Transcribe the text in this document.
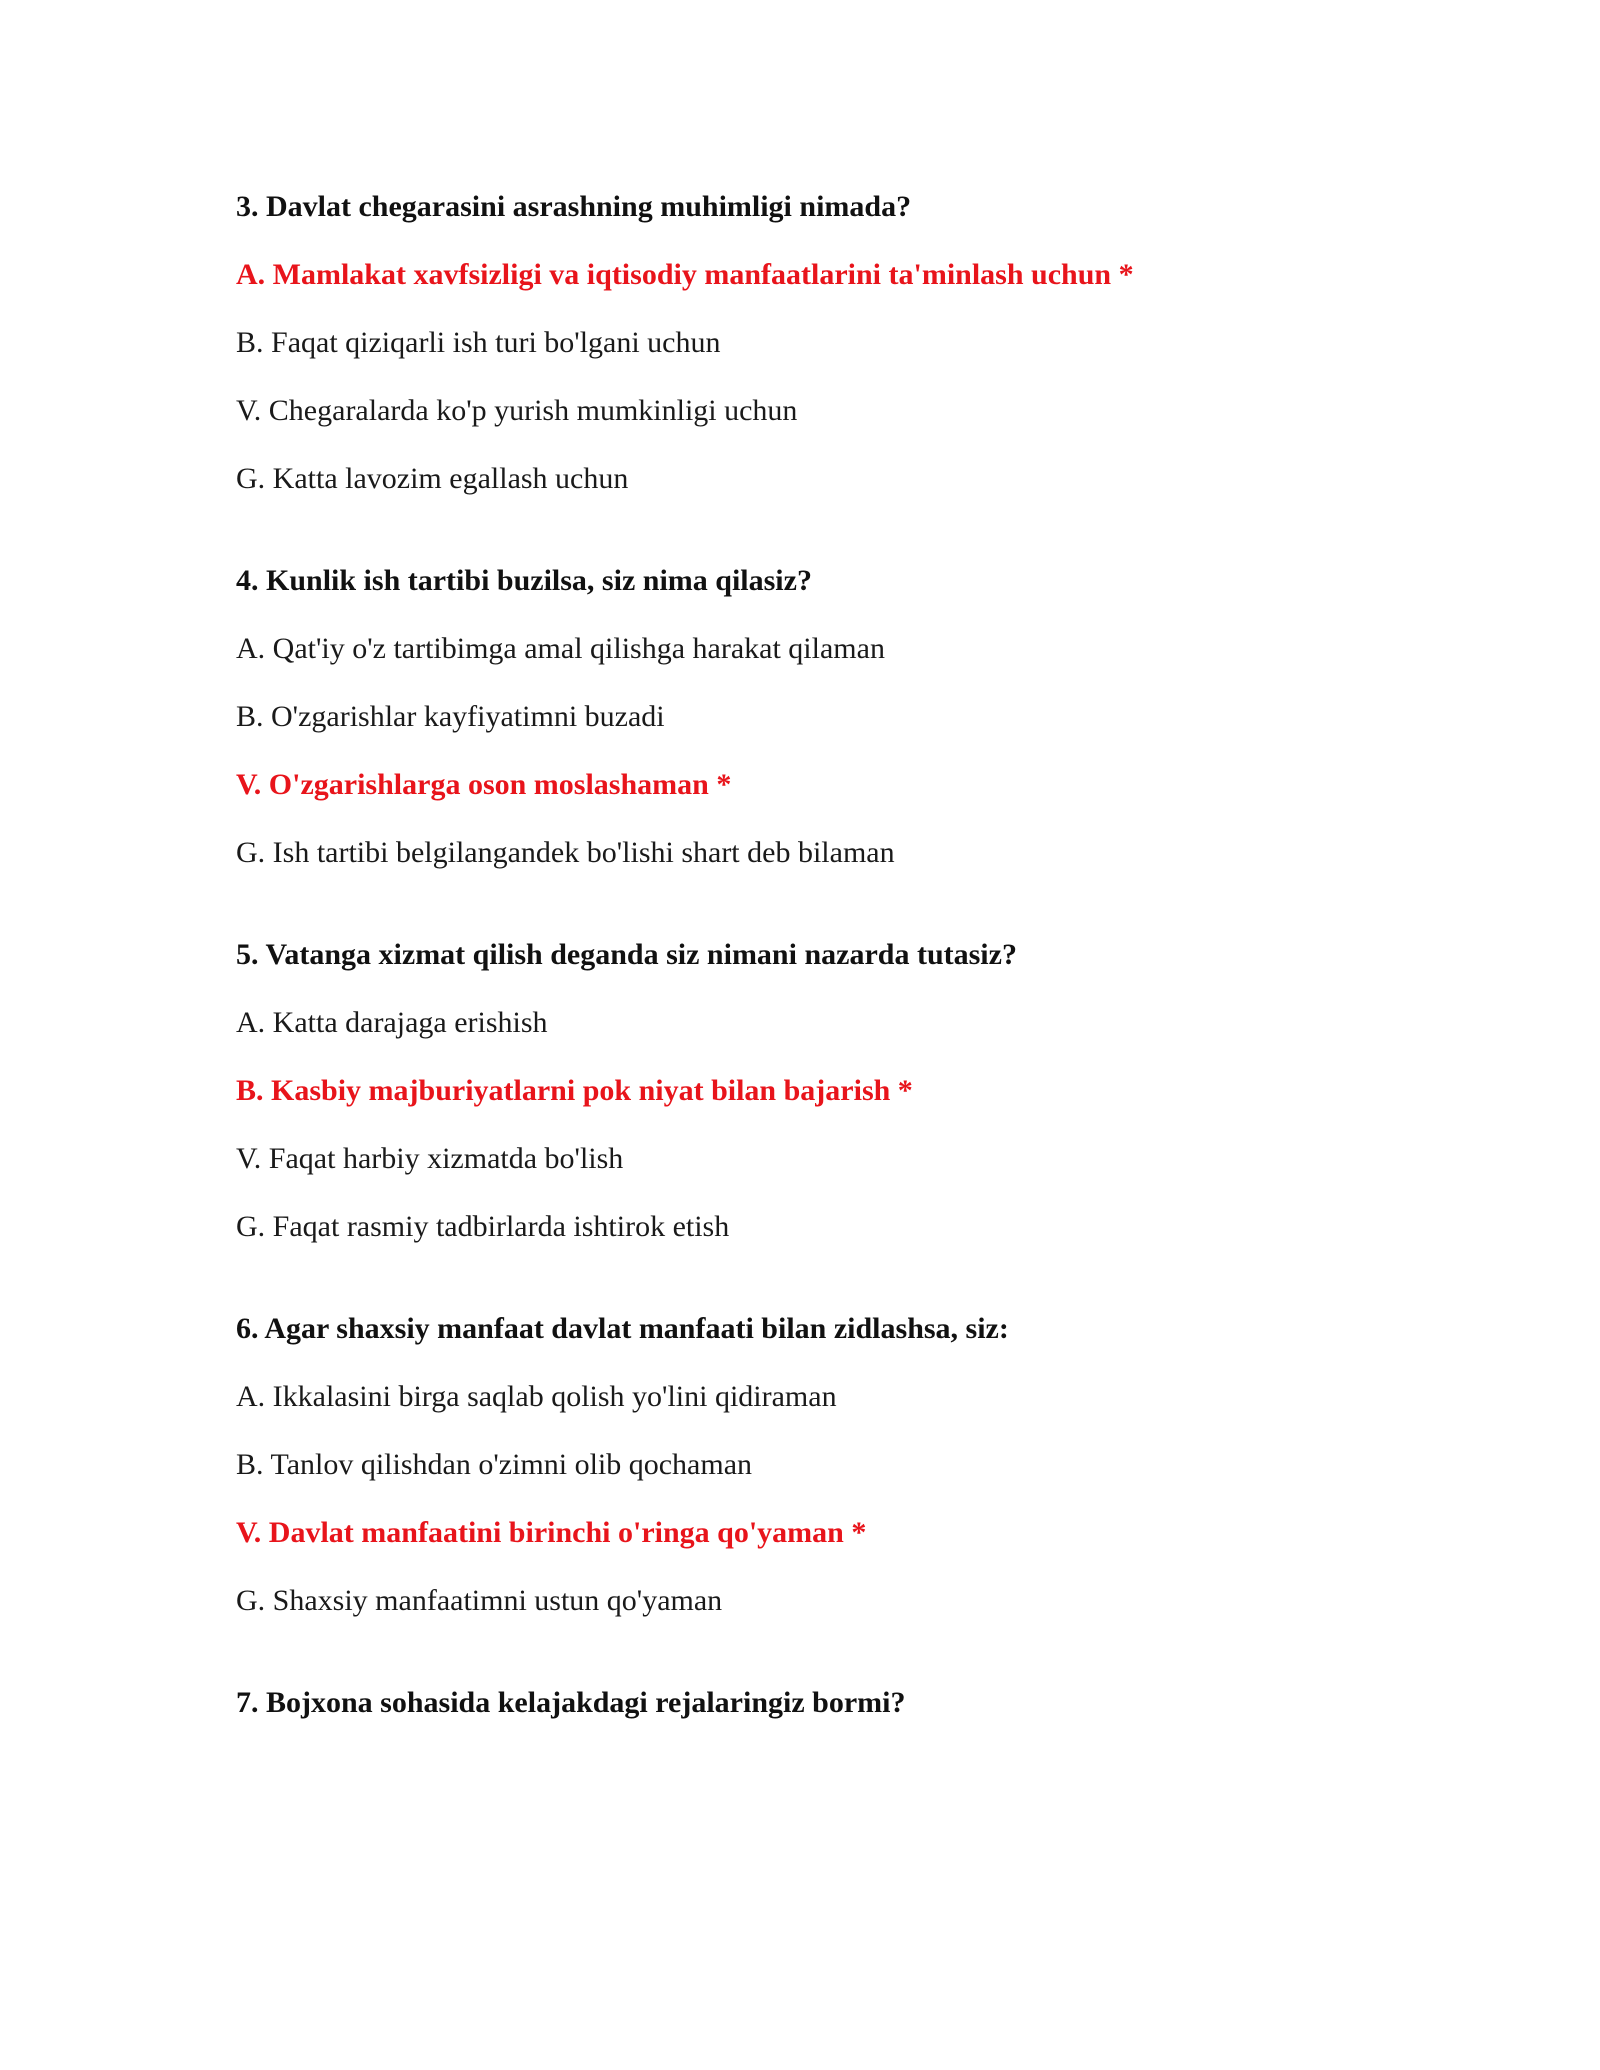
3. Davlat chegarasini asrashning muhimligi nimada?
A. Mamlakat xavfsizligi va iqtisodiy manfaatlarini ta'minlash uchun *
B. Faqat qiziqarli ish turi bo'lgani uchun
V. Chegaralarda ko'p yurish mumkinligi uchun
G. Katta lavozim egallash uchun
4. Kunlik ish tartibi buzilsa, siz nima qilasiz?
A. Qat'iy o'z tartibimga amal qilishga harakat qilaman
B. O'zgarishlar kayfiyatimni buzadi
V. O'zgarishlarga oson moslashaman *
G. Ish tartibi belgilangandek bo'lishi shart deb bilaman
5. Vatanga xizmat qilish deganda siz nimani nazarda tutasiz?
A. Katta darajaga erishish
B. Kasbiy majburiyatlarni pok niyat bilan bajarish *
V. Faqat harbiy xizmatda bo'lish
G. Faqat rasmiy tadbirlarda ishtirok etish
6. Agar shaxsiy manfaat davlat manfaati bilan zidlashsa, siz:
A. Ikkalasini birga saqlab qolish yo'lini qidiraman
B. Tanlov qilishdan o'zimni olib qochaman
V. Davlat manfaatini birinchi o'ringa qo'yaman *
G. Shaxsiy manfaatimni ustun qo'yaman
7. Bojxona sohasida kelajakdagi rejalaringiz bormi?
